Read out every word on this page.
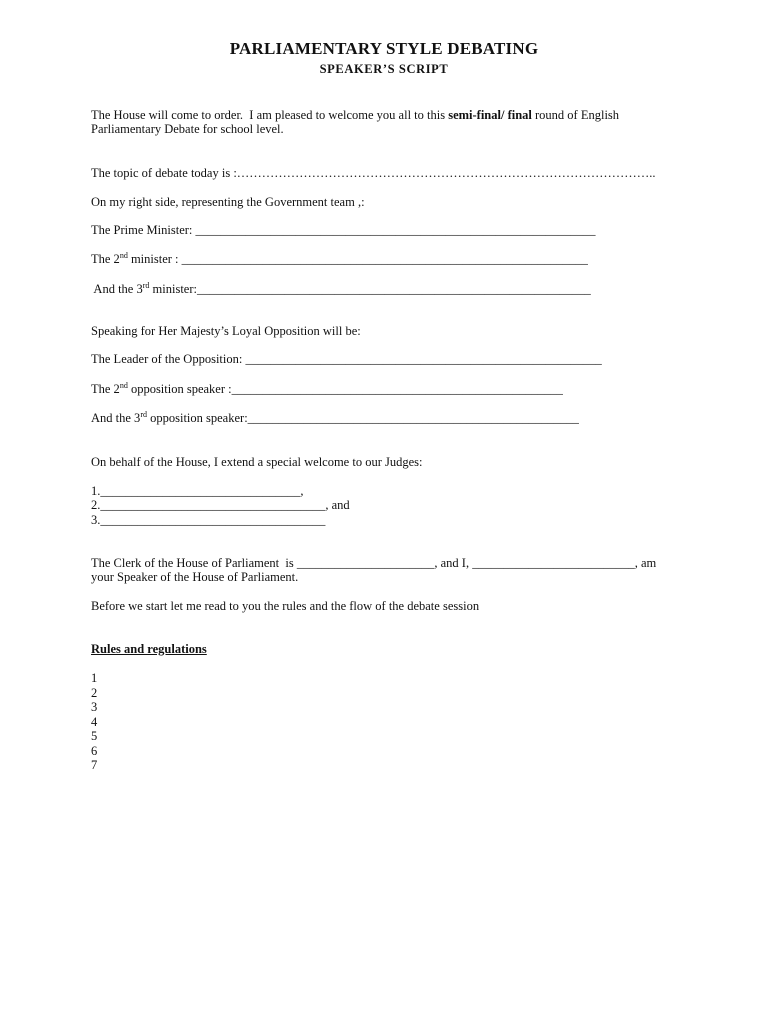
PARLIAMENTARY STYLE DEBATING
SPEAKER’S SCRIPT
The House will come to order.  I am pleased to welcome you all to this semi-final/ final round of English
Parliamentary Debate for school level.
The topic of debate today is :………………………………………………………………………………………..
On my right side, representing the Government team ,:
The Prime Minister: ________________________________________________________________
The 2nd minister : _________________________________________________________________
And the 3rd minister:_______________________________________________________________
Speaking for Her Majesty’s Loyal Opposition will be:
The Leader of the Opposition: _________________________________________________________
The 2nd opposition speaker :_____________________________________________________
And the 3rd opposition speaker:_____________________________________________________
On behalf of the House, I extend a special welcome to our Judges:
1.________________________________,
2.____________________________________, and
3.____________________________________
The Clerk of the House of Parliament  is ______________________, and I, __________________________, am
your Speaker of the House of Parliament.
Before we start let me read to you the rules and the flow of the debate session
Rules and regulations
1
2
3
4
5
6
7
